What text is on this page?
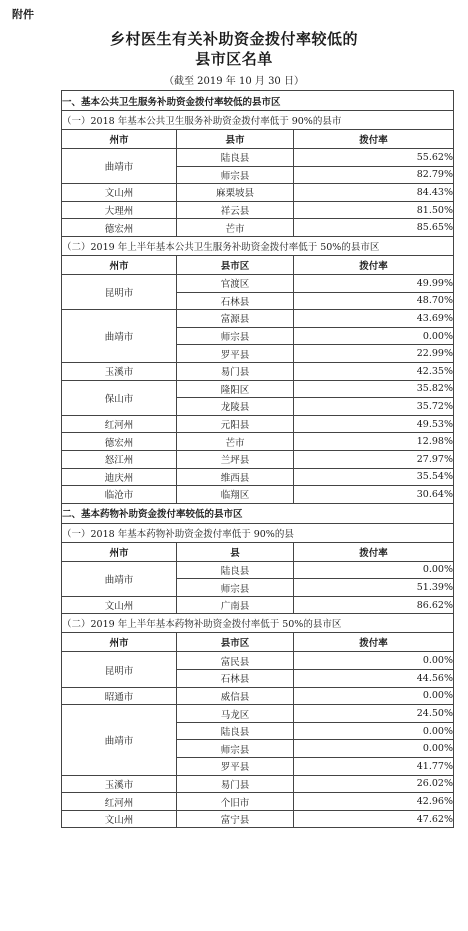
附件
乡村医生有关补助资金拨付率较低的
县市区名单
（截至 2019 年 10 月 30 日）
一、基本公共卫生服务补助资金拨付率较低的县市区		
（一）2018 年基本公共卫生服务补助资金拨付率低于 90%的县市		
州市	县市	拨付率
曲靖市	陆良县	55.62%
	师宗县	82.79%
文山州	麻栗坡县	84.43%
大理州	祥云县	81.50%
德宏州	芒市	85.65%
（二）2019 年上半年基本公共卫生服务补助资金拨付率低于 50%的县市区		
州市	县市区	拨付率
昆明市	官渡区	49.99%
	石林县	48.70%
曲靖市	富源县	43.69%
	师宗县	0.00%
	罗平县	22.99%
玉溪市	易门县	42.35%
保山市	隆阳区	35.82%
	龙陵县	35.72%
红河州	元阳县	49.53%
德宏州	芒市	12.98%
怒江州	兰坪县	27.97%
迪庆州	维西县	35.54%
临沧市	临翔区	30.64%
二、基本药物补助资金拨付率较低的县市区		
（一）2018 年基本药物补助资金拨付率低于 90%的县		
州市	县	拨付率
曲靖市	陆良县	0.00%
	师宗县	51.39%
文山州	广南县	86.62%
（二）2019 年上半年基本药物补助资金拨付率低于 50%的县市区		
州市	县市区	拨付率
昆明市	富民县	0.00%
	石林县	44.56%
昭通市	威信县	0.00%
曲靖市	马龙区	24.50%
	陆良县	0.00%
	师宗县	0.00%
	罗平县	41.77%
玉溪市	易门县	26.02%
红河州	个旧市	42.96%
文山州	富宁县	47.62%
